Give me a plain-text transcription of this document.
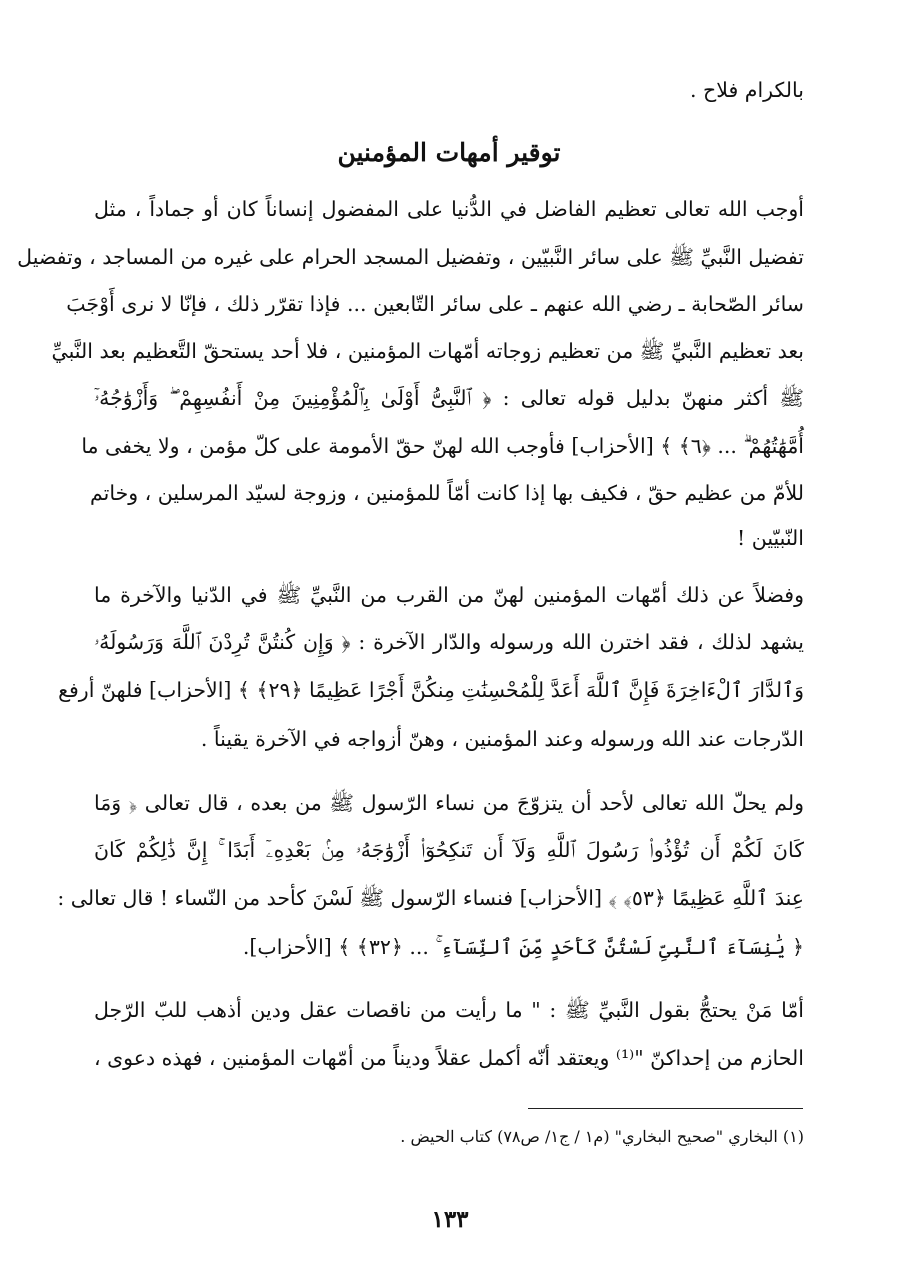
بالكرام فلاح .
توقير أمهات المؤمنين
أوجب الله تعالى تعظيم الفاضل في الدُّنيا على المفضول إنساناً كان أو جماداً ، مثل
تفضيل النَّبيِّ ﷺ على سائر النَّبيّين ، وتفضيل المسجد الحرام على غيره من المساجد ، وتفضيل
سائر الصّحابة ـ رضي الله عنهم ـ على سائر التّابعين ... فإذا تقرّر ذلك ، فإنّا لا نرى أَوْجَبَ
بعد تعظيم النَّبيِّ ﷺ من تعظيم زوجاته أمّهات المؤمنين ، فلا أحد يستحقّ التَّعظيم بعد النَّبيِّ
ﷺ أكثر منهنّ بدليل قوله تعالى : ﴿ ٱلنَّبِىُّ أَوْلَىٰ بِٱلْمُؤْمِنِينَ مِنْ أَنفُسِهِمْ ۖ وَأَزْوَٰجُهُۥٓ
أُمَّهَٰتُهُمْ ۗ ... ﴿٦﴾ ﴾ [الأحزاب] فأوجب الله لهنّ حقّ الأمومة على كلّ مؤمن ، ولا يخفى ما
للأمّ من عظيم حقّ ، فكيف بها إذا كانت أمّاً للمؤمنين ، وزوجة لسيّد المرسلين ، وخاتم
النّبيّين !
وفضلاً عن ذلك أمّهات المؤمنين لهنّ من القرب من النَّبيِّ ﷺ في الدّنيا والآخرة ما
يشهد لذلك ، فقد اخترن الله ورسوله والدّار الآخرة : ﴿ وَإِن كُنتُنَّ تُرِدْنَ ٱللَّهَ وَرَسُولَهُۥ
وَٱلدَّارَ ٱلْءَاخِرَةَ فَإِنَّ ٱللَّهَ أَعَدَّ لِلْمُحْسِنَٰتِ مِنكُنَّ أَجْرًا عَظِيمًا ﴿٢٩﴾ ﴾ [الأحزاب] فلهنّ أرفع
الدّرجات عند الله ورسوله وعند المؤمنين ، وهنّ أزواجه في الآخرة يقيناً .
ولم يحلّ الله تعالى لأحد أن يتزوّجَ من نساء الرّسول ﷺ من بعده ، قال تعالى ﴿ وَمَا
كَانَ لَكُمْ أَن تُؤْذُوا۟ رَسُولَ ٱللَّهِ وَلَآ أَن تَنكِحُوٓا۟ أَزْوَٰجَهُۥ مِنۢ بَعْدِهِۦٓ أَبَدًا ۚ إِنَّ ذَٰلِكُمْ كَانَ
عِندَ ٱللَّهِ عَظِيمًا ﴿٥٣﴾ ﴾ [الأحزاب] فنساء الرّسول ﷺ لَسْنَ كأحد من النّساء ! قال تعالى :
﴿ يَٰنِسَآءَ ٱلنَّبِىِّ لَسْتُنَّ كَأَحَدٍ مِّنَ ٱلنِّسَآءِ ۚ ... ﴿٣٢﴾ ﴾ [الأحزاب].
أمّا مَنْ يحتجُّ بقول النَّبيِّ ﷺ : " ما رأيت من ناقصات عقل ودين أذهب للبّ الرّجل
الحازم من إحداكنّ "⁽¹⁾ ويعتقد أنّه أكمل عقلاً وديناً من أمّهات المؤمنين ، فهذه دعوى ،
(١) البخاري "صحيح البخاري" (م١ / ج١/ ص٧٨) كتاب الحيض .
١٣٣
